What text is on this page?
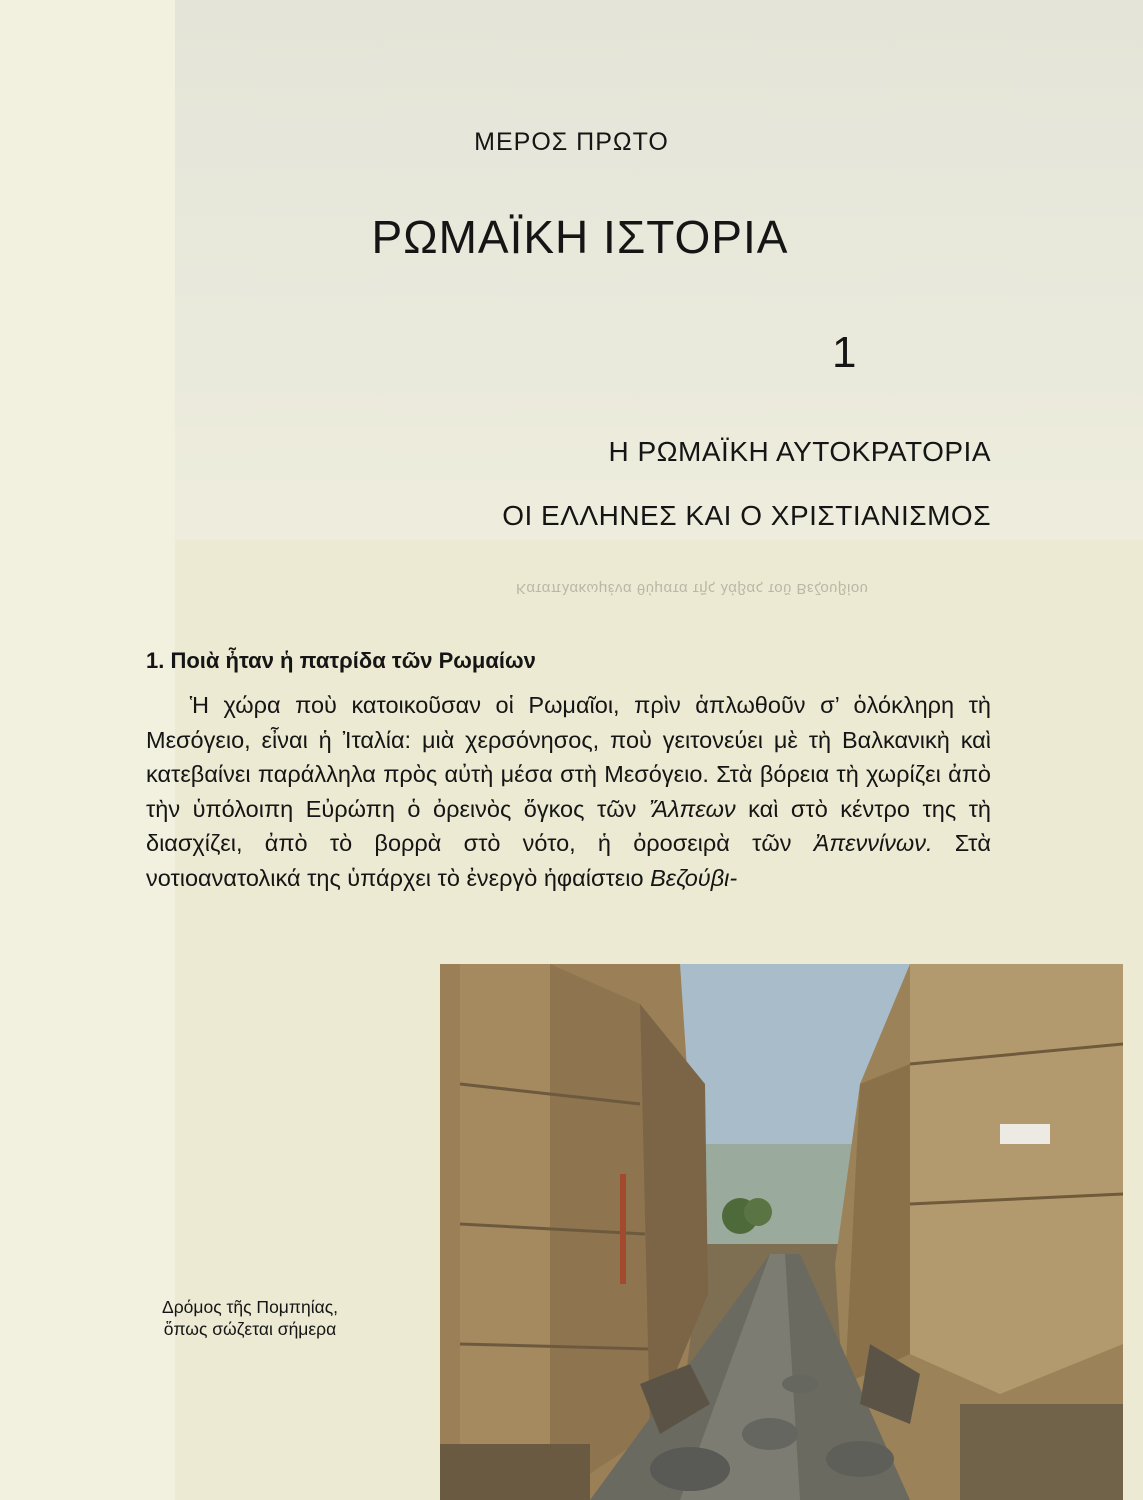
Καταπλακωμένα θύματα τῆς λάβας τοῦ Βεζουβίου
ΜΕΡΟΣ ΠΡΩΤΟ
ΡΩΜΑΪΚΗ ΙΣΤΟΡΙΑ
1
Η ΡΩΜΑΪΚΗ ΑΥΤΟΚΡΑΤΟΡΙΑ
ΟΙ ΕΛΛΗΝΕΣ ΚΑΙ Ο ΧΡΙΣΤΙΑΝΙΣΜΟΣ
1. Ποιὰ ἦταν ἡ πατρίδα τῶν Ρωμαίων

Ἡ χώρα ποὺ κατοικοῦσαν οἱ Ρωμαῖοι, πρὶν ἁπλωθοῦν σ’ ὁλόκληρη τὴ Μεσόγειο, εἶναι ἡ Ἰταλία: μιὰ χερσόνησος, ποὺ γειτονεύει μὲ τὴ Βαλκανικὴ καὶ κατεβαίνει παράλληλα πρὸς αὐτὴ μέσα στὴ Μεσόγειο. Στὰ βόρεια τὴ χωρίζει ἀπὸ τὴν ὑπόλοιπη Εὐρώπη ὁ ὀρεινὸς ὄγκος τῶν Ἄλπεων καὶ στὸ κέντρο της τὴ διασχίζει, ἀπὸ τὸ βορρὰ στὸ νότο, ἡ ὀροσειρὰ τῶν Ἀπεννίνων. Στὰ νοτιοανατολικά της ὑπάρχει τὸ ἐνεργὸ ἡφαίστειο Βεζούβι-

Δρόμος τῆς Πομπηίας,
ὅπως σώζεται σήμερα
